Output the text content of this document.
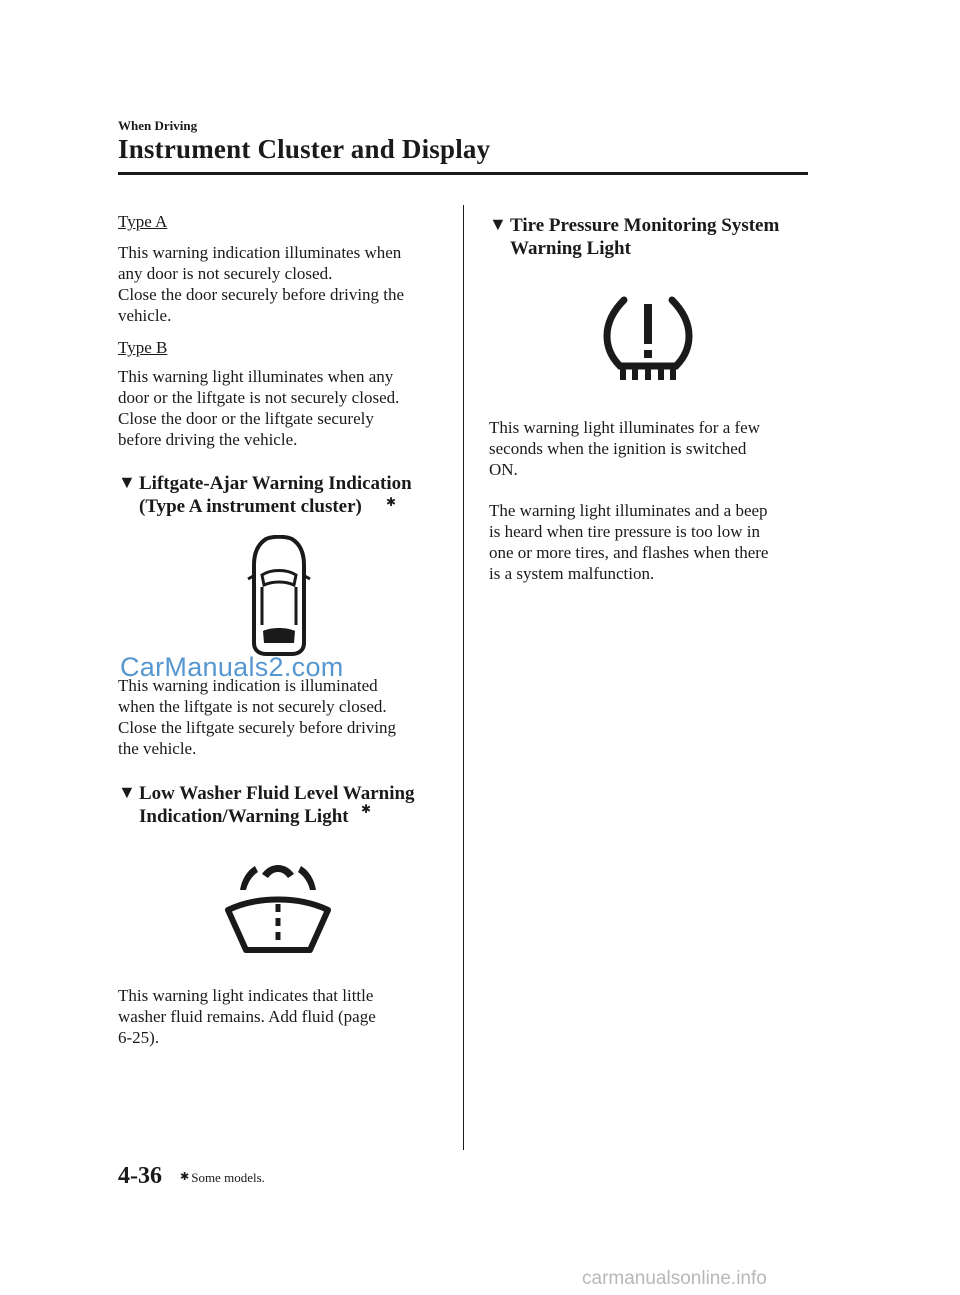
When Driving
Instrument Cluster and Display
Type A
This warning indication illuminates when
any door is not securely closed.
Close the door securely before driving the
vehicle.
Type B
This warning light illuminates when any
door or the liftgate is not securely closed.
Close the door or the liftgate securely
before driving the vehicle.
▼ Liftgate-Ajar Warning Indication
(Type A instrument cluster)	✱
CarManuals2.com
This warning indication is illuminated
when the liftgate is not securely closed.
Close the liftgate securely before driving
the vehicle.
▼ Low Washer Fluid Level Warning
Indication/Warning Light	✱
This warning light indicates that little
washer fluid remains. Add fluid (page
6-25).
▼ Tire Pressure Monitoring System
Warning Light
This warning light illuminates for a few
seconds when the ignition is switched
ON.
The warning light illuminates and a beep
is heard when tire pressure is too low in
one or more tires, and flashes when there
is a system malfunction.
4-36 ✱ Some models.
carmanualsonline.info
